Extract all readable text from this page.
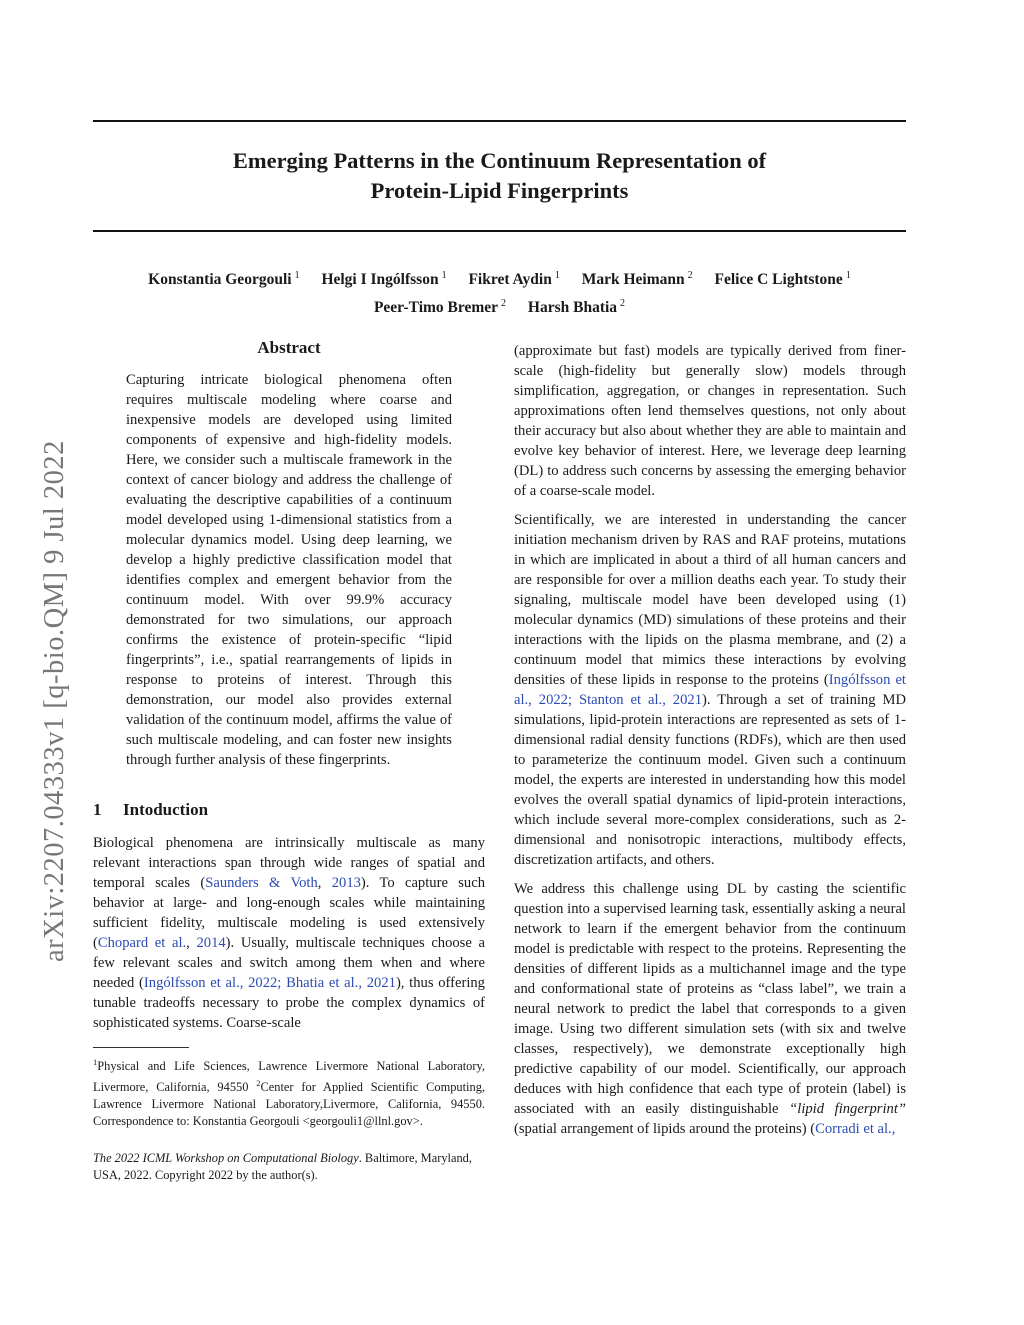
Emerging Patterns in the Continuum Representation of
Protein-Lipid Fingerprints
Konstantia Georgouli $^1$ Helgi I Ingólfsson $^1$ Fikret Aydin $^1$ Mark Heimann $^2$ Felice C Lightstone $^1$
Peer-Timo Bremer $^2$ Harsh Bhatia $^2$
arXiv:2207.04333v1 [q-bio.QM] 9 Jul 2022
Abstract
Capturing intricate biological phenomena often requires multiscale modeling where coarse and inexpensive models are developed using limited components of expensive and high-fidelity models. Here, we consider such a multiscale framework in the context of cancer biology and address the challenge of evaluating the descriptive capabilities of a continuum model developed using 1-dimensional statistics from a molecular dynamics model. Using deep learning, we develop a highly predictive classification model that identifies complex and emergent behavior from the continuum model. With over 99.9% accuracy demonstrated for two simulations, our approach confirms the existence of protein-specific “lipid fingerprints”, i.e., spatial rearrangements of lipids in response to proteins of interest. Through this demonstration, our model also provides external validation of the continuum model, affirms the value of such multiscale modeling, and can foster new insights through further analysis of these fingerprints.
1 Intoduction

Biological phenomena are intrinsically multiscale as many relevant interactions span through wide ranges of spatial and temporal scales (Saunders & Voth, 2013). To capture such behavior at large- and long-enough scales while maintaining sufficient fidelity, multiscale modeling is used extensively (Chopard et al., 2014). Usually, multiscale techniques choose a few relevant scales and switch among them when and where needed (Ingólfsson et al., 2022; Bhatia et al., 2021), thus offering tunable tradeoffs necessary to probe the complex dynamics of sophisticated systems. Coarse-scale

$^1$Physical and Life Sciences, Lawrence Livermore National Laboratory, Livermore, California, 94550 $^2$Center for Applied Scientific Computing, Lawrence Livermore National Laboratory,Livermore, California, 94550. Correspondence to: Konstantia Georgouli <georgouli1@llnl.gov>.
The 2022 ICML Workshop on Computational Biology. Baltimore, Maryland, USA, 2022. Copyright 2022 by the author(s).

(approximate but fast) models are typically derived from finer-scale (high-fidelity but generally slow) models through simplification, aggregation, or changes in representation. Such approximations often lend themselves questions, not only about their accuracy but also about whether they are able to maintain and evolve key behavior of interest. Here, we leverage deep learning (DL) to address such concerns by assessing the emerging behavior of a coarse-scale model.

Scientifically, we are interested in understanding the cancer initiation mechanism driven by RAS and RAF proteins, mutations in which are implicated in about a third of all human cancers and are responsible for over a million deaths each year. To study their signaling, multiscale model have been developed using (1) molecular dynamics (MD) simulations of these proteins and their interactions with the lipids on the plasma membrane, and (2) a continuum model that mimics these interactions by evolving densities of these lipids in response to the proteins (Ingólfsson et al., 2022; Stanton et al., 2021). Through a set of training MD simulations, lipid-protein interactions are represented as sets of 1-dimensional radial density functions (RDFs), which are then used to parameterize the continuum model. Given such a continuum model, the experts are interested in understanding how this model evolves the overall spatial dynamics of lipid-protein interactions, which include several more-complex considerations, such as 2-dimensional and nonisotropic interactions, multibody effects, discretization artifacts, and others.

We address this challenge using DL by casting the scientific question into a supervised learning task, essentially asking a neural network to learn if the emergent behavior from the continuum model is predictable with respect to the proteins. Representing the densities of different lipids as a multichannel image and the type and conformational state of proteins as “class label”, we train a neural network to predict the label that corresponds to a given image. Using two different simulation sets (with six and twelve classes, respectively), we demonstrate exceptionally high predictive capability of our model. Scientifically, our approach deduces with high confidence that each type of protein (label) is associated with an easily distinguishable “lipid fingerprint” (spatial arrangement of lipids around the proteins) (Corradi et al.,
